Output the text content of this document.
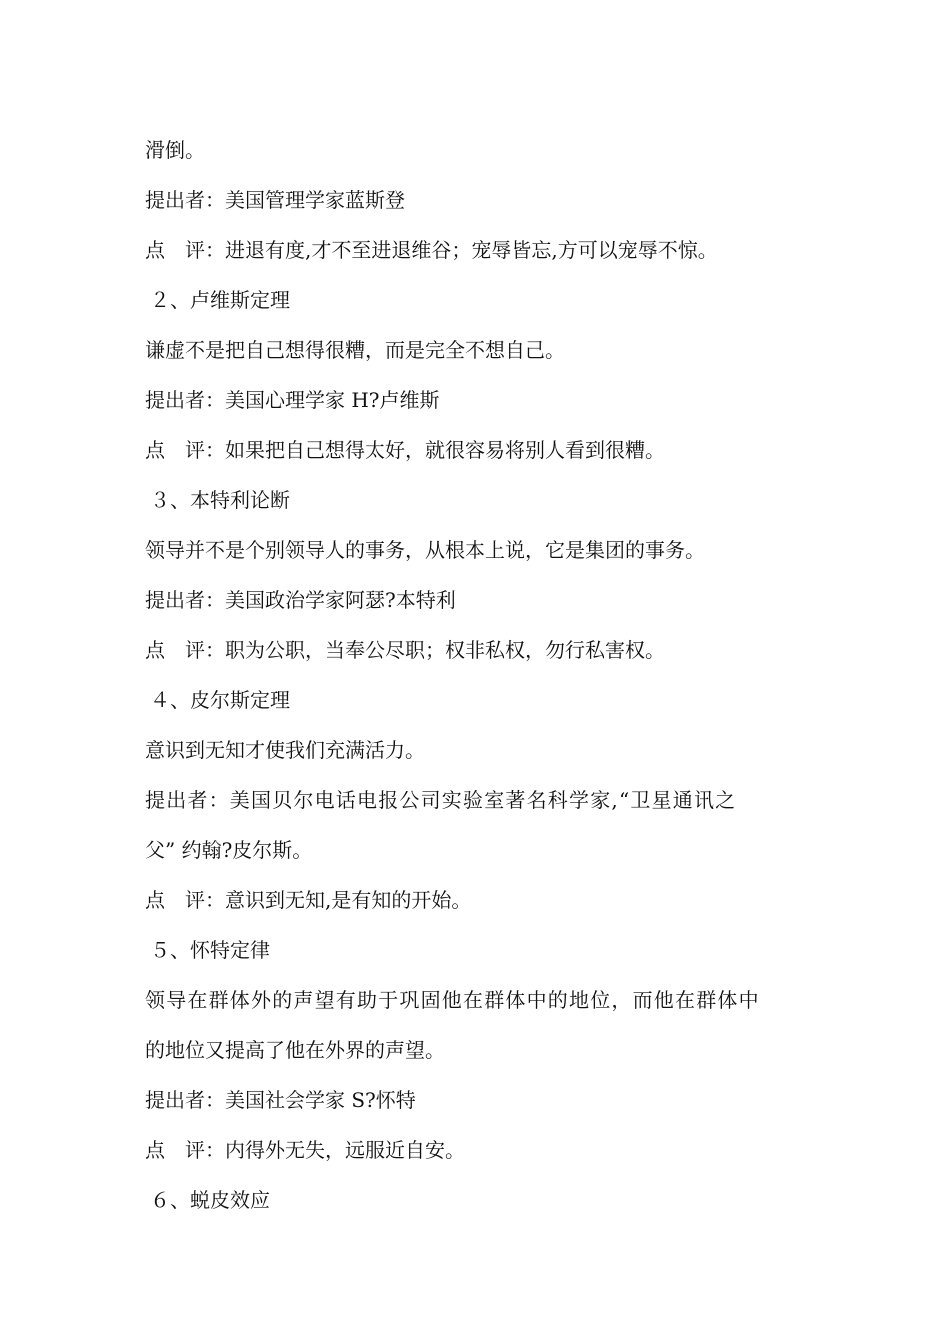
滑倒。
提出者：美国管理学家蓝斯登
点　评：进退有度,才不至进退维谷；宠辱皆忘,方可以宠辱不惊。
２、卢维斯定理
谦虚不是把自己想得很糟，而是完全不想自己。
提出者：美国心理学家 H?卢维斯
点　评：如果把自己想得太好，就很容易将别人看到很糟。
３、本特利论断
领导并不是个别领导人的事务，从根本上说，它是集团的事务。
提出者：美国政治学家阿瑟?本特利
点　评：职为公职，当奉公尽职；权非私权，勿行私害权。
４、皮尔斯定理
意识到无知才使我们充满活力。
提出者：美国贝尔电话电报公司实验室著名科学家,“卫星通讯之
父” 约翰?皮尔斯。
点　评：意识到无知,是有知的开始。
５、怀特定律
领导在群体外的声望有助于巩固他在群体中的地位，而他在群体中
的地位又提高了他在外界的声望。
提出者：美国社会学家 S?怀特
点　评：内得外无失，远服近自安。
６、蜕皮效应
